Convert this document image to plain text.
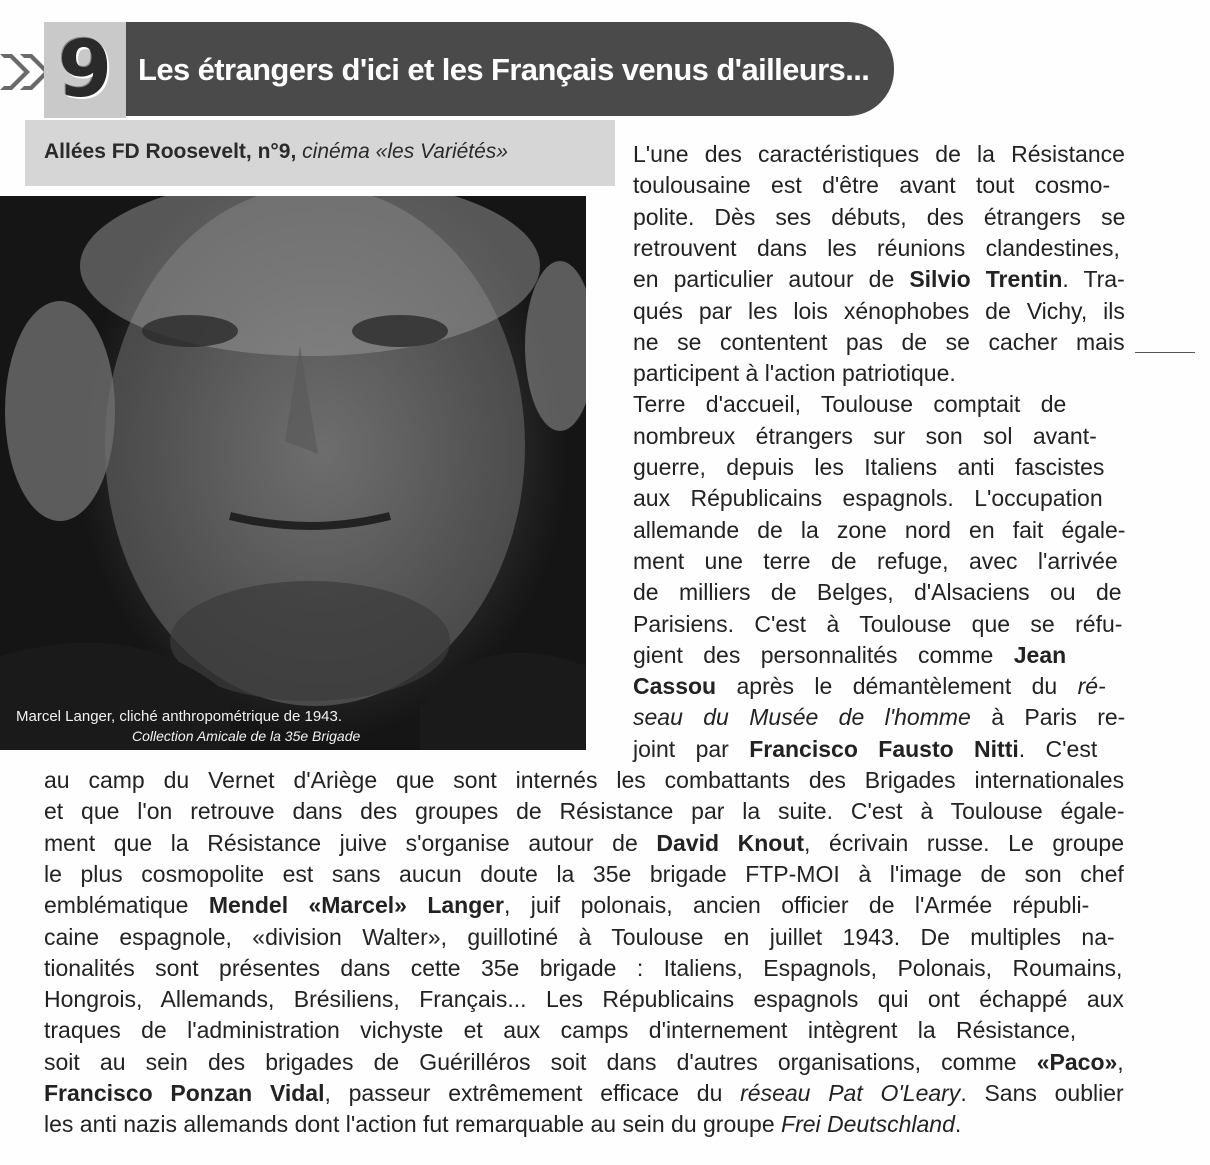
9 Les étrangers d'ici et les Français venus d'ailleurs...
Allées FD Roosevelt, n°9, cinéma «les Variétés»
Marcel Langer, cliché anthropométrique de 1943.
Collection Amicale de la 35e Brigade
L'une des caractéristiques de la Résistance
toulousaine est d'être avant tout cosmo-
polite. Dès ses débuts, des étrangers se
retrouvent dans les réunions clandestines,
en particulier autour de Silvio Trentin. Tra-
qués par les lois xénophobes de Vichy, ils
ne se contentent pas de se cacher mais
participent à l'action patriotique.
Terre d'accueil, Toulouse comptait de
nombreux étrangers sur son sol avant-
guerre, depuis les Italiens anti fascistes
aux Républicains espagnols. L'occupation
allemande de la zone nord en fait égale-
ment une terre de refuge, avec l'arrivée
de milliers de Belges, d'Alsaciens ou de
Parisiens. C'est à Toulouse que se réfu-
gient des personnalités comme Jean
Cassou après le démantèlement du ré-
seau du Musée de l'homme à Paris re-
joint par Francisco Fausto Nitti. C'est
au camp du Vernet d'Ariège que sont internés les combattants des Brigades internationales
et que l'on retrouve dans des groupes de Résistance par la suite. C'est à Toulouse égale-
ment que la Résistance juive s'organise autour de David Knout, écrivain russe. Le groupe
le plus cosmopolite est sans aucun doute la 35e brigade FTP-MOI à l'image de son chef
emblématique Mendel «Marcel» Langer, juif polonais, ancien officier de l'Armée républi-
caine espagnole, «division Walter», guillotiné à Toulouse en juillet 1943. De multiples na-
tionalités sont présentes dans cette 35e brigade : Italiens, Espagnols, Polonais, Roumains,
Hongrois, Allemands, Brésiliens, Français... Les Républicains espagnols qui ont échappé aux
traques de l'administration vichyste et aux camps d'internement intègrent la Résistance,
soit au sein des brigades de Guérilléros soit dans d'autres organisations, comme «Paco»,
Francisco Ponzan Vidal, passeur extrêmement efficace du réseau Pat O'Leary. Sans oublier
les anti nazis allemands dont l'action fut remarquable au sein du groupe Frei Deutschland.
